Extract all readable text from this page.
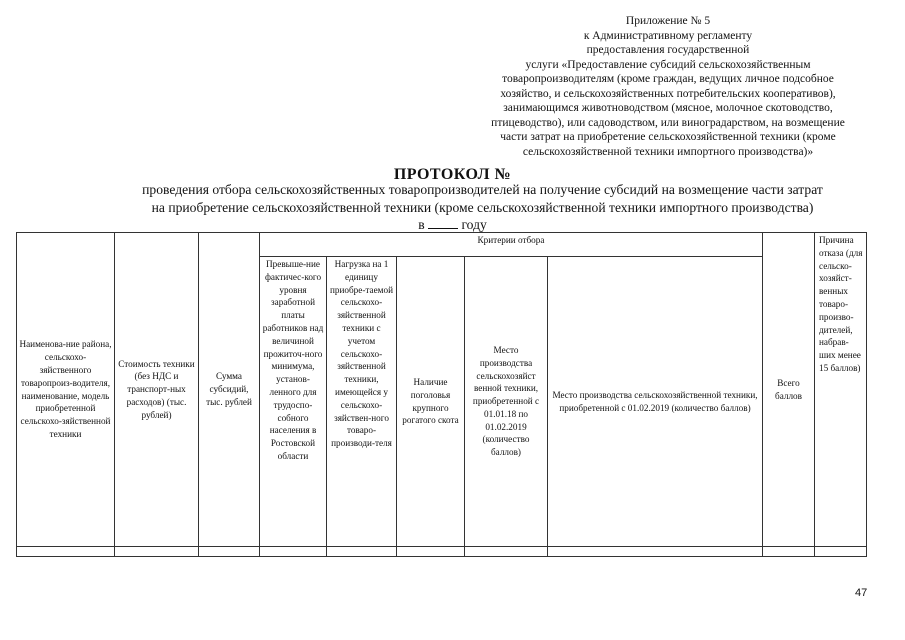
Приложение № 5
к Административному регламенту
предоставления государственной
услуги «Предоставление субсидий сельскохозяйственным
товаропроизводителям (кроме граждан, ведущих личное подсобное
хозяйство, и сельскохозяйственных потребительских кооперативов),
занимающимся животноводством (мясное, молочное скотоводство,
птицеводство), или садоводством, или виноградарством, на возмещение
части затрат на приобретение сельскохозяйственной техники (кроме
сельскохозяйственной техники импортного производства)»
ПРОТОКОЛ №
проведения отбора сельскохозяйственных товаропроизводителей на получение субсидий на возмещение части затрат
на приобретение сельскохозяйственной техники (кроме сельскохозяйственной техники импортного производства)
в	году
Наименова-ние района, сельскохо-зяйственного товаропроиз-водителя, наименование, модель приобретенной сельскохо-зяйственной техники	Стоимость техники (без НДС и транспорт-ных расходов) (тыс. рублей)	Сумма субсидий, тыс. рублей	Критерии отбора					Всего баллов	Причина отказа (для сельско-хозяйст-венных товаро-произво-дителей, набрав-ших менее 15 баллов)
			Превыше-ние фактичес-кого уровня заработной платы работников над величиной прожиточ-ного минимума, установ-ленного для трудоспо-собного населения в Ростовской области	Нагрузка на 1 единицу приобре-таемой сельскохо-зяйственной техники с учетом сельскохо-зяйственной техники, имеющейся у сельскохо-зяйствен-ного товаро-производи-теля	Наличие поголовья крупного рогатого скота	Место производства сельскохозяйст венной техники, приобретенной с 01.01.18 по 01.02.2019 (количество баллов)	Место производства сельскохозяйственной техники, приобретенной с 01.02.2019 (количество баллов)		

47
